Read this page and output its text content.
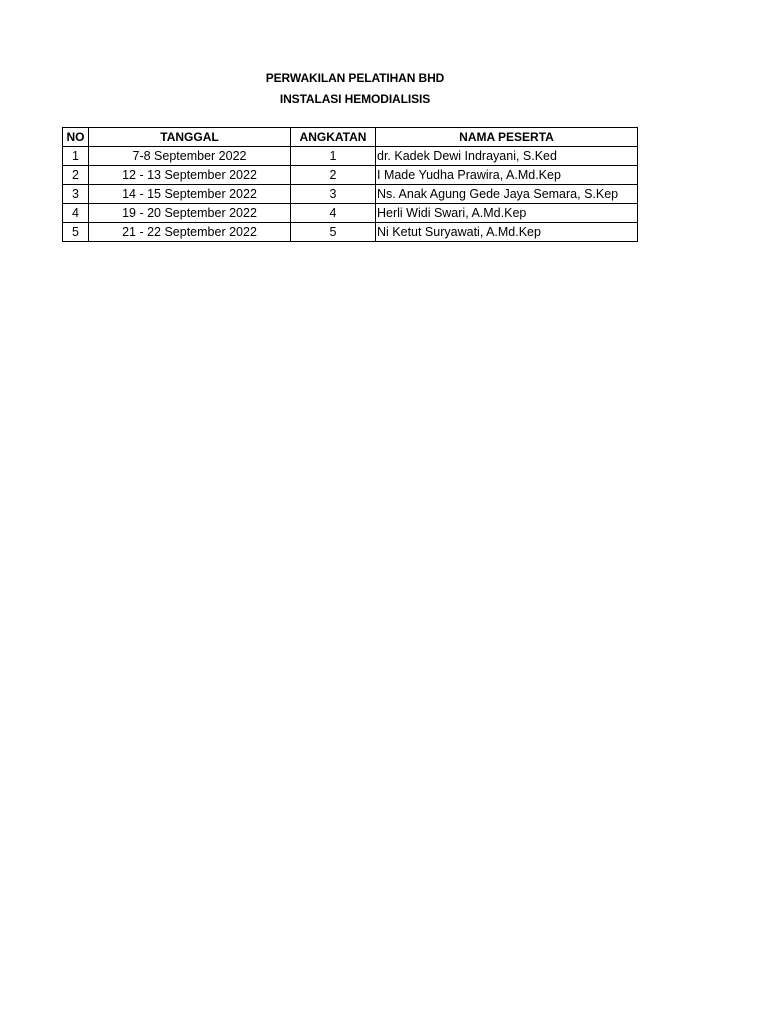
PERWAKILAN PELATIHAN BHD
INSTALASI HEMODIALISIS
NO	TANGGAL	ANGKATAN	NAMA PESERTA
1	7-8 September 2022	1	dr. Kadek Dewi Indrayani, S.Ked
2	12 - 13 September 2022	2	I Made Yudha Prawira, A.Md.Kep
3	14 - 15 September 2022	3	Ns. Anak Agung Gede Jaya Semara, S.Kep
4	19 - 20 September 2022	4	Herli Widi Swari, A.Md.Kep
5	21 - 22 September 2022	5	Ni Ketut Suryawati, A.Md.Kep
